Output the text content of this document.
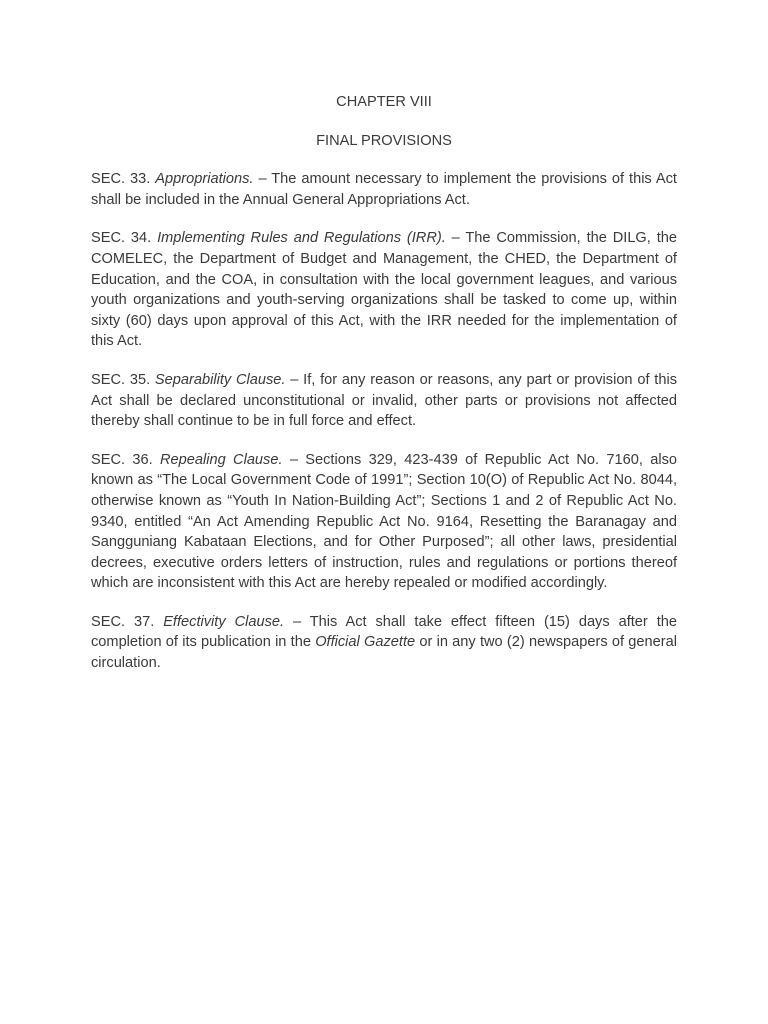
CHAPTER VIII

FINAL PROVISIONS

SEC. 33. Appropriations. – The amount necessary to implement the provisions of this Act shall be included in the Annual General Appropriations Act.

SEC. 34. Implementing Rules and Regulations (IRR). – The Commission, the DILG, the COMELEC, the Department of Budget and Management, the CHED, the Department of Education, and the COA, in consultation with the local government leagues, and various youth organizations and youth-serving organizations shall be tasked to come up, within sixty (60) days upon approval of this Act, with the IRR needed for the implementation of this Act.

SEC. 35. Separability Clause. – If, for any reason or reasons, any part or provision of this Act shall be declared unconstitutional or invalid, other parts or provisions not affected thereby shall continue to be in full force and effect.

SEC. 36. Repealing Clause. – Sections 329, 423-439 of Republic Act No. 7160, also known as “The Local Government Code of 1991”; Section 10(O) of Republic Act No. 8044, otherwise known as “Youth In Nation-Building Act”; Sections 1 and 2 of Republic Act No. 9340, entitled “An Act Amending Republic Act No. 9164, Resetting the Baranagay and Sangguniang Kabataan Elections, and for Other Purposed”; all other laws, presidential decrees, executive orders letters of instruction, rules and regulations or portions thereof which are inconsistent with this Act are hereby repealed or modified accordingly.

SEC. 37. Effectivity Clause. – This Act shall take effect fifteen (15) days after the completion of its publication in the Official Gazette or in any two (2) newspapers of general circulation.
